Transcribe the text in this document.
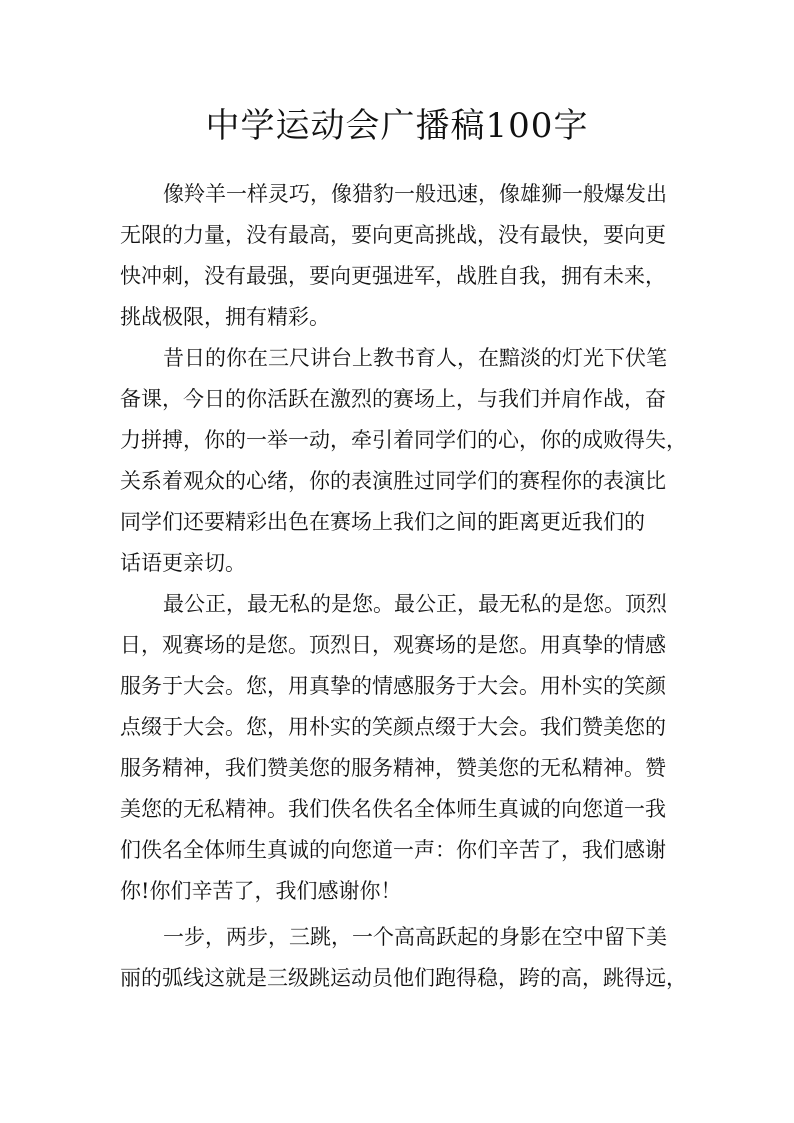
中学运动会广播稿100字
像羚羊一样灵巧，像猎豹一般迅速，像雄狮一般爆发出
无限的力量，没有最高，要向更高挑战，没有最快，要向更
快冲刺，没有最强，要向更强进军，战胜自我，拥有未来，
挑战极限，拥有精彩。
昔日的你在三尺讲台上教书育人，在黯淡的灯光下伏笔
备课，今日的你活跃在激烈的赛场上，与我们并肩作战，奋
力拼搏，你的一举一动，牵引着同学们的心，你的成败得失，
关系着观众的心绪，你的表演胜过同学们的赛程你的表演比
同学们还要精彩出色在赛场上我们之间的距离更近我们的
话语更亲切。
最公正，最无私的是您。最公正，最无私的是您。顶烈
日，观赛场的是您。顶烈日，观赛场的是您。用真挚的情感
服务于大会。您，用真挚的情感服务于大会。用朴实的笑颜
点缀于大会。您，用朴实的笑颜点缀于大会。我们赞美您的
服务精神，我们赞美您的服务精神，赞美您的无私精神。赞
美您的无私精神。我们佚名佚名全体师生真诚的向您道一我
们佚名全体师生真诚的向您道一声：你们辛苦了，我们感谢
你!你们辛苦了，我们感谢你！
一步，两步，三跳，一个高高跃起的身影在空中留下美
丽的弧线这就是三级跳运动员他们跑得稳，跨的高，跳得远，
